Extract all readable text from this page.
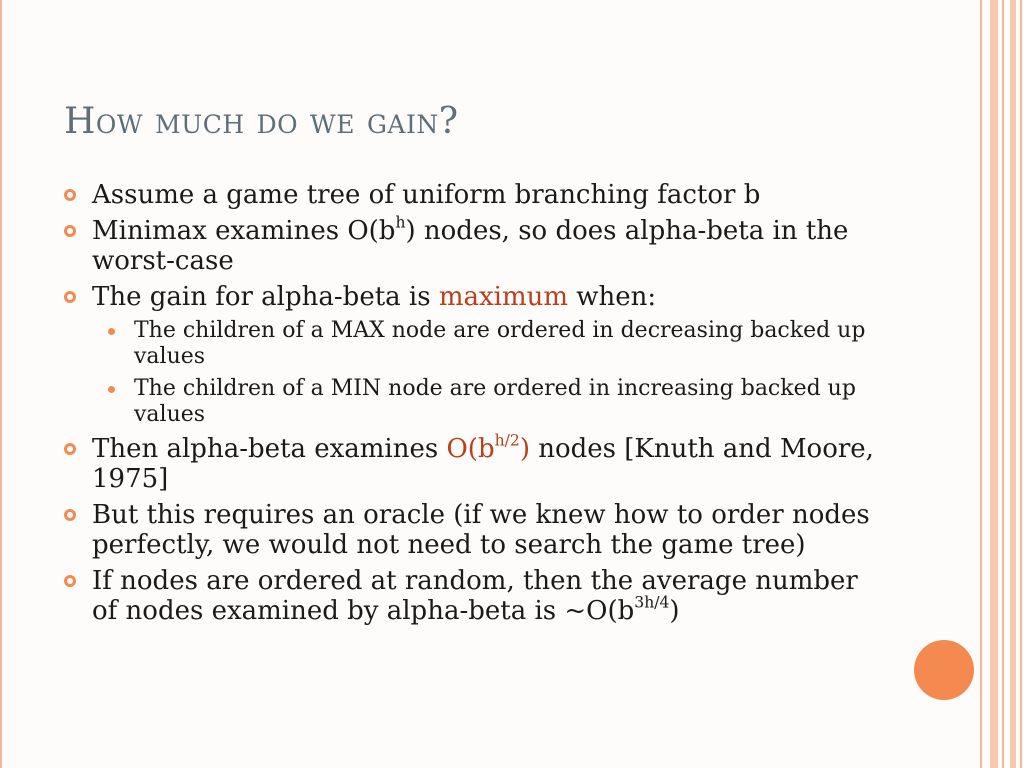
How much do we gain?
Assume a game tree of uniform branching factor b
Minimax examines $O(b^h)$ nodes, so does alpha-beta in the worst-case
The gain for alpha-beta is maximum when:
The children of a MAX node are ordered in decreasing backed up values
The children of a MIN node are ordered in increasing backed up values
Then alpha-beta examines $O(b^{h/2})$ nodes [Knuth and Moore, 1975]
But this requires an oracle (if we knew how to order nodes perfectly, we would not need to search the game tree)
If nodes are ordered at random, then the average number of nodes examined by alpha-beta is $\sim O(b^{3h/4})$
